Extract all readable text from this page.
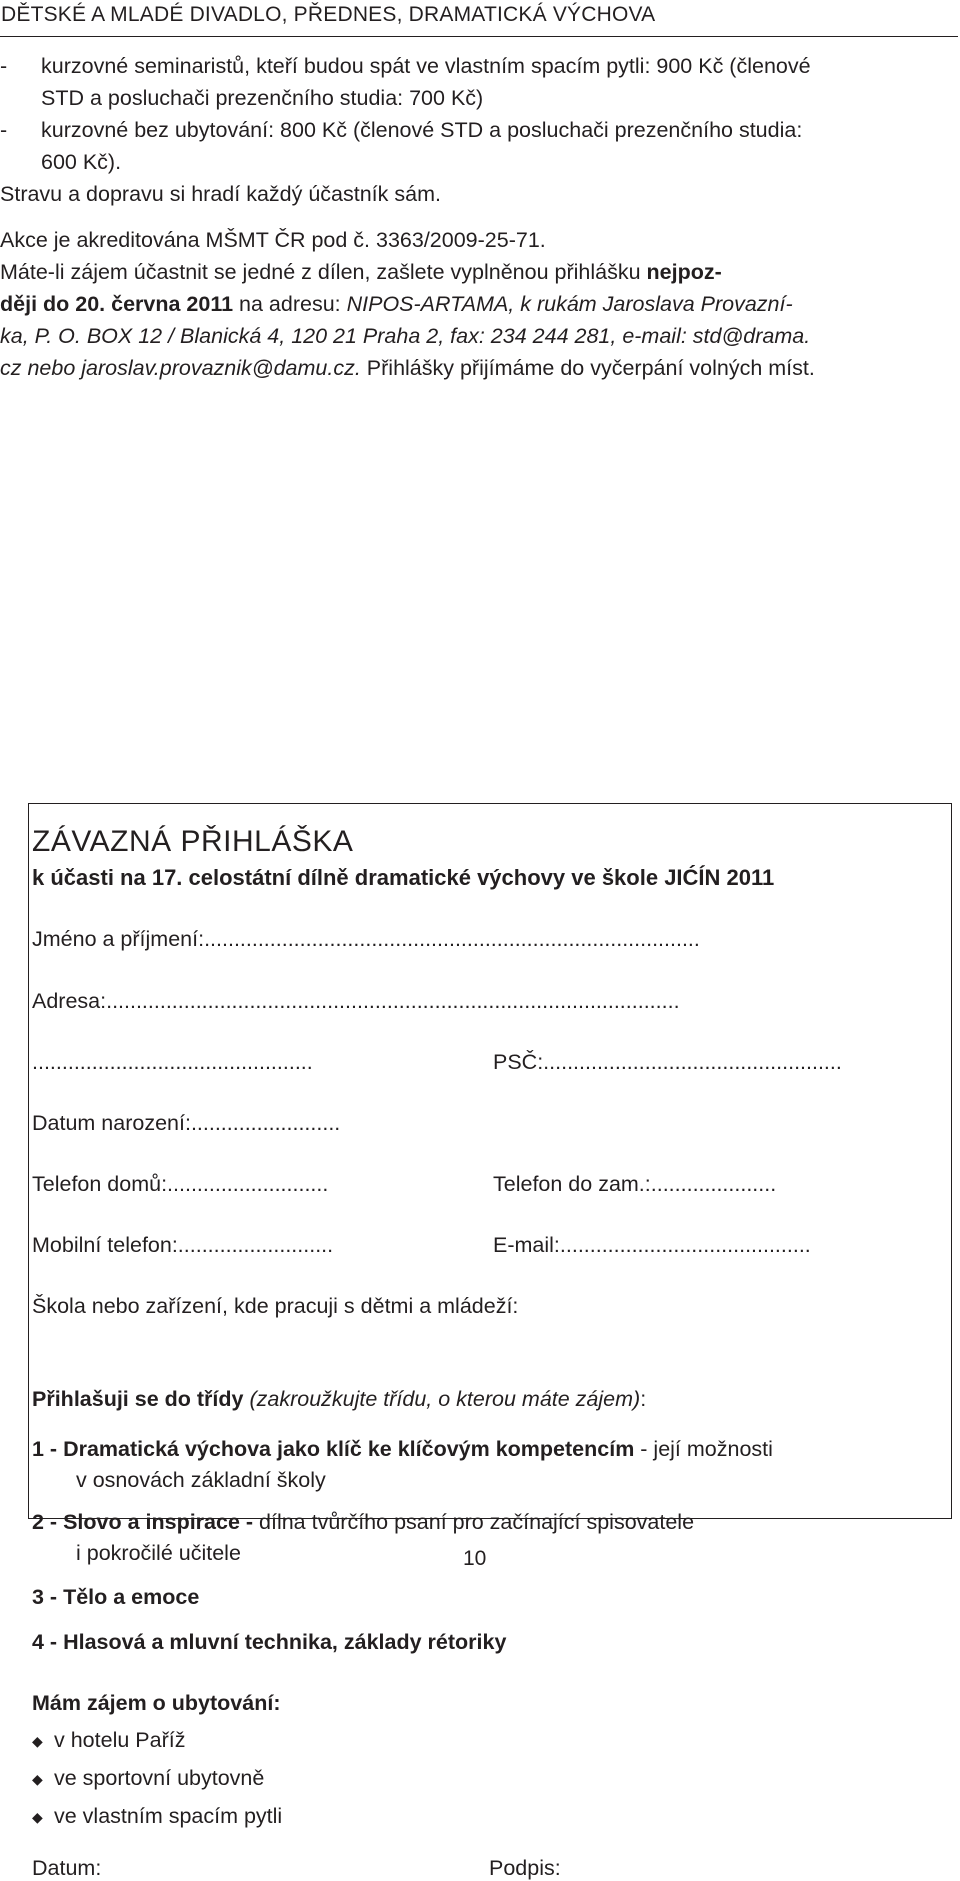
DĚTSKÉ A MLADÉ DIVADLO, PŘEDNES, DRAMATICKÁ VÝCHOVA
- kurzovné seminaristů, kteří budou spát ve vlastním spacím pytli: 900 Kč (členové
STD a posluchači prezenčního studia: 700 Kč)
- kurzovné bez ubytování: 800 Kč (členové STD a posluchači prezenčního studia:
600 Kč).
Stravu a dopravu si hradí každý účastník sám.
Akce je akreditována MŠMT ČR pod č. 3363/2009-25-71.
Máte-li zájem účastnit se jedné z dílen, zašlete vyplněnou přihlášku nejpoz-
ději do 20. června 2011 na adresu: NIPOS-ARTAMA, k rukám Jaroslava Provazní-
ka, P. O. BOX 12 / Blanická 4, 120 21 Praha 2, fax: 234 244 281, e-mail: std@drama.
cz nebo jaroslav.provaznik@damu.cz. Přihlášky přijímáme do vyčerpání volných míst.
ZÁVAZNÁ PŘIHLÁŠKA
k účasti na 17. celostátní dílně dramatické výchovy ve škole JIĆÍN 2011
Jméno a příjmení:...................................................................................
Adresa:................................................................................................
...............................................	PSČ:..................................................
Datum narození:.........................
Telefon domů:...........................	Telefon do zam.:.....................
Mobilní telefon:..........................	E-mail:..........................................
Škola nebo zařízení, kde pracuji s dětmi a mládeží:
Přihlašuji se do třídy (zakroužkujte třídu, o kterou máte zájem):
1 - Dramatická výchova jako klíč ke klíčovým kompetencím - její možnosti
v osnovách základní školy
2 - Slovo a inspirace - dílna tvůrčího psaní pro začínající spisovatele
i pokročilé učitele
3 - Tělo a emoce
4 - Hlasová a mluvní technika, základy rétoriky
Mám zájem o ubytování:
◆ v hotelu Paříž
◆ ve sportovní ubytovně
◆ ve vlastním spacím pytli
Datum:	Podpis:
10
